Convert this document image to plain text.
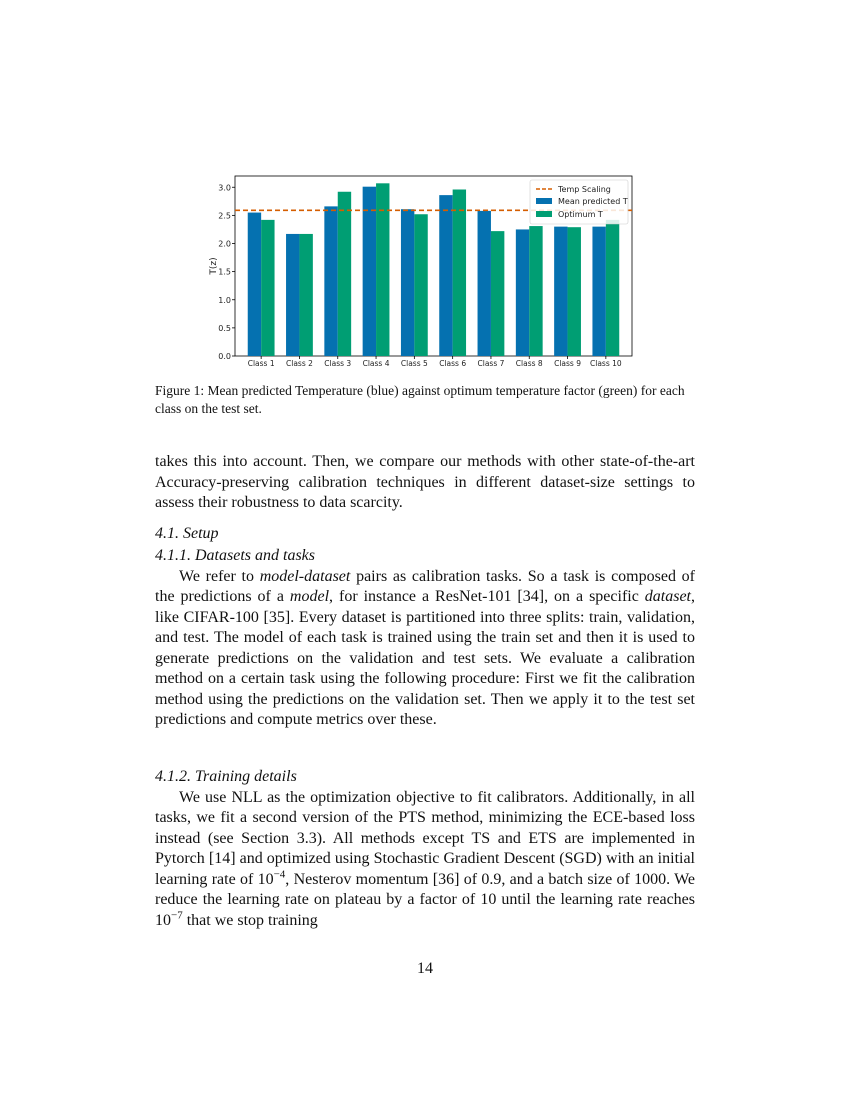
0.0
0.5
1.0
1.5
2.0
2.5
3.0
T(z)
Class 1 Class 2 Class 3 Class 4 Class 5 Class 6 Class 7 Class 8 Class 9 Class 10
Temp Scaling
Mean predicted T
Optimum T
Figure 1: Mean predicted Temperature (blue) against optimum temperature factor (green) for each class on the test set.

takes this into account. Then, we compare our methods with other state-of-the-art Accuracy-preserving calibration techniques in different dataset-size settings to assess their robustness to data scarcity.

4.1. Setup

4.1.1. Datasets and tasks

We refer to model-dataset pairs as calibration tasks. So a task is composed of the predictions of a model, for instance a ResNet-101 [34], on a specific dataset, like CIFAR-100 [35]. Every dataset is partitioned into three splits: train, validation, and test. The model of each task is trained using the train set and then it is used to generate predictions on the validation and test sets. We evaluate a calibration method on a certain task using the following procedure: First we fit the calibration method using the predictions on the validation set. Then we apply it to the test set predictions and compute metrics over these.

4.1.2. Training details

We use NLL as the optimization objective to fit calibrators. Additionally, in all tasks, we fit a second version of the PTS method, minimizing the ECE-based loss instead (see Section 3.3). All methods except TS and ETS are implemented in Pytorch [14] and optimized using Stochastic Gradient Descent (SGD) with an initial learning rate of $10^{-4}$, Nesterov momentum [36] of 0.9, and a batch size of 1000. We reduce the learning rate on plateau by a factor of 10 until the learning rate reaches $10^{-7}$ that we stop training

14
